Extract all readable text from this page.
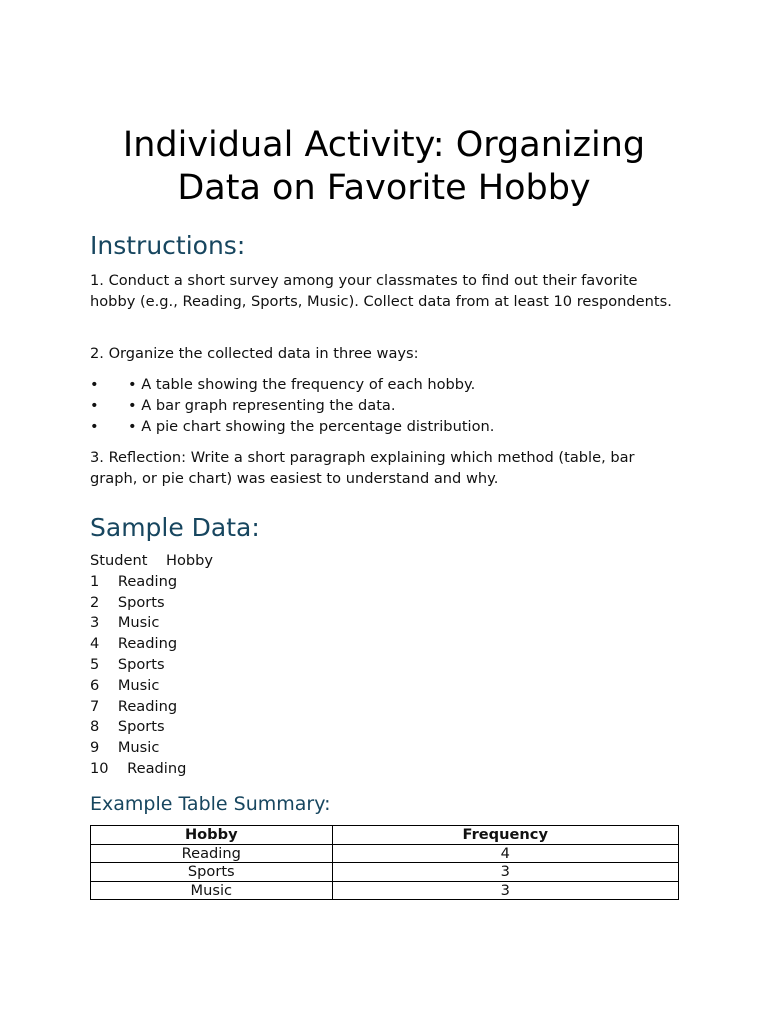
Individual Activity: Organizing Data on Favorite Hobby
Instructions:

1. Conduct a short survey among your classmates to find out their favorite hobby (e.g., Reading, Sports, Music). Collect data from at least 10 respondents.

2. Organize the collected data in three ways:

• • A table showing the frequency of each hobby.
• • A bar graph representing the data.
• • A pie chart showing the percentage distribution.

3. Reflection: Write a short paragraph explaining which method (table, bar graph, or pie chart) was easiest to understand and why.

Sample Data:
Student    Hobby
1    Reading
2    Sports
3    Music
4    Reading
5    Sports
6    Music
7    Reading
8    Sports
9    Music
10    Reading
Example Table Summary:
Hobby	Frequency
Reading	4
Sports	3
Music	3
